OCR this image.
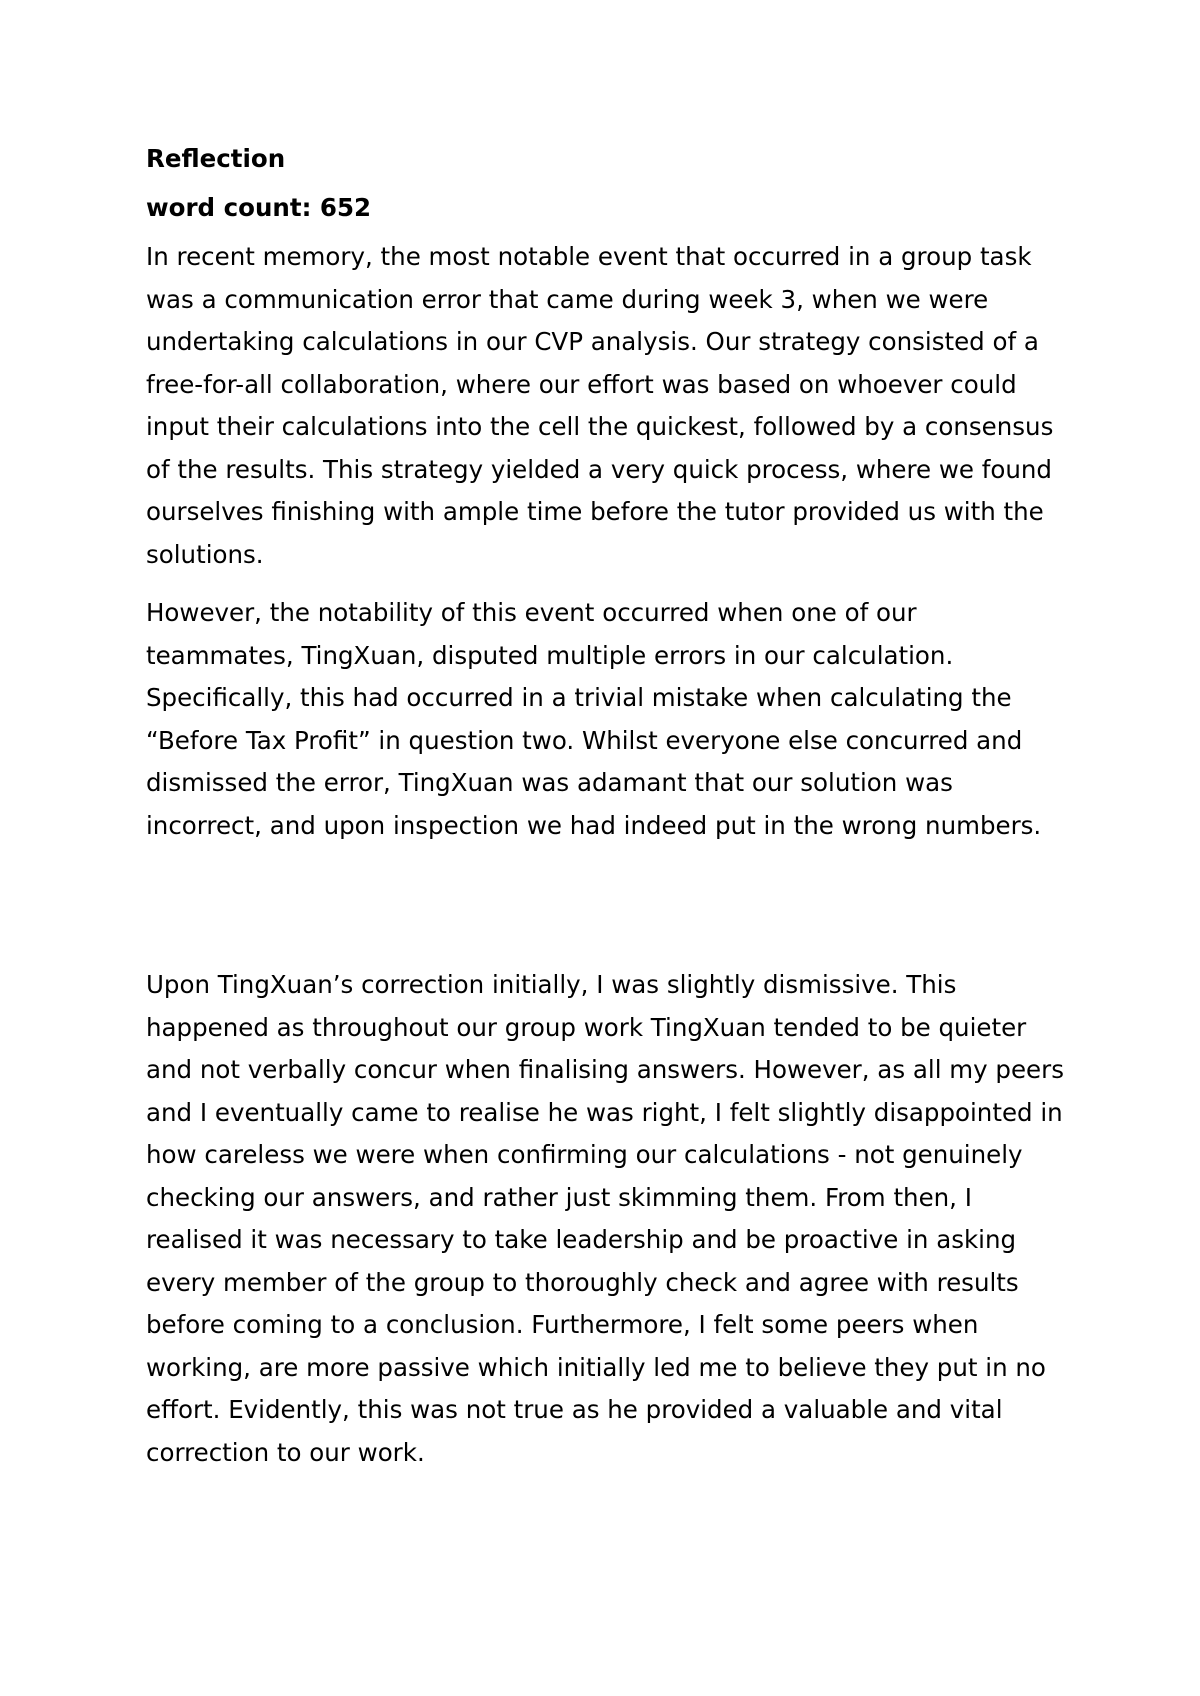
Reflection

word count: 652

In recent memory, the most notable event that occurred in a group task was a communication error that came during week 3, when we were undertaking calculations in our CVP analysis. Our strategy consisted of a free-for-all collaboration, where our effort was based on whoever could input their calculations into the cell the quickest, followed by a consensus of the results. This strategy yielded a very quick process, where we found ourselves finishing with ample time before the tutor provided us with the solutions.

However, the notability of this event occurred when one of our teammates, TingXuan, disputed multiple errors in our calculation. Specifically, this had occurred in a trivial mistake when calculating the “Before Tax Profit” in question two. Whilst everyone else concurred and dismissed the error, TingXuan was adamant that our solution was incorrect, and upon inspection we had indeed put in the wrong numbers.

Upon TingXuan’s correction initially, I was slightly dismissive. This happened as throughout our group work TingXuan tended to be quieter and not verbally concur when finalising answers. However, as all my peers and I eventually came to realise he was right, I felt slightly disappointed in how careless we were when confirming our calculations - not genuinely checking our answers, and rather just skimming them. From then, I realised it was necessary to take leadership and be proactive in asking every member of the group to thoroughly check and agree with results before coming to a conclusion. Furthermore, I felt some peers when working, are more passive which initially led me to believe they put in no effort. Evidently, this was not true as he provided a valuable and vital correction to our work.
